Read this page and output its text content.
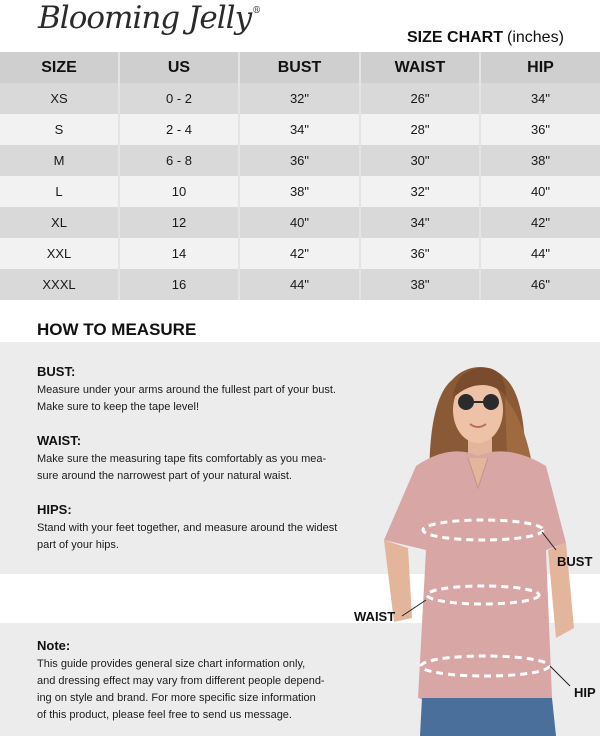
Blooming Jelly®
SIZE CHART (inches)
SIZE	US	BUST	WAIST	HIP
XS	0 - 2	32"	26"	34"
S	2 - 4	34"	28"	36"
M	6 - 8	36"	30"	38"
L	10	38"	32"	40"
XL	12	40"	34"	42"
XXL	14	42"	36"	44"
XXXL	16	44"	38"	46"
HOW TO MEASURE
BUST:

Measure under your arms around the fullest part of your bust.

Make sure to keep the tape level!

WAIST:

Make sure the measuring tape fits comfortably as you mea-

sure around the narrowest part of your natural waist.

HIPS:

Stand with your feet together, and measure around the widest

part of your hips.

Note:

This guide provides general size chart information only,

and dressing effect may vary from different people depend-

ing on style and brand. For more specific size information

of this product, please feel free to send us message.

BUST
WAIST
HIP
